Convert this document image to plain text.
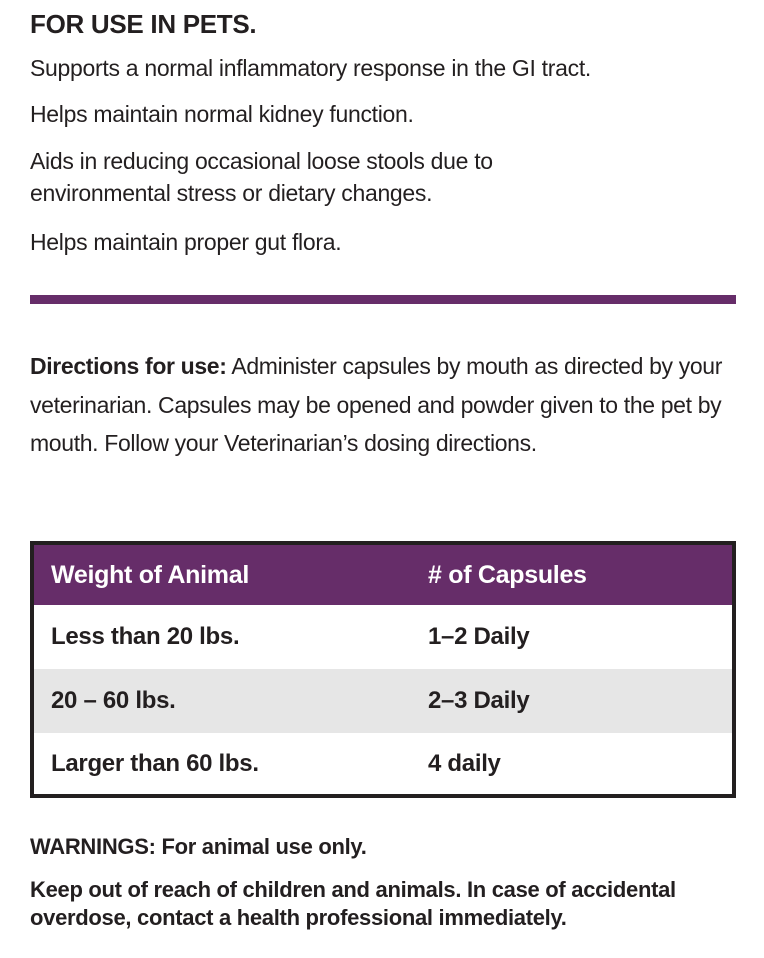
FOR USE IN PETS.

Supports a normal inflammatory response in the GI tract.

Helps maintain normal kidney function.

Aids in reducing occasional loose stools due to environmental stress or dietary changes.

Helps maintain proper gut flora.

Directions for use: Administer capsules by mouth as directed by your veterinarian. Capsules may be opened and powder given to the pet by mouth. Follow your Veterinarian’s dosing directions.

Weight of Animal	# of Capsules
Less than 20 lbs.	1–2 Daily
20 – 60 lbs.	2–3 Daily
Larger than 60 lbs.	4 daily

WARNINGS: For animal use only.

Keep out of reach of children and animals. In case of accidental overdose, contact a health professional immediately.
